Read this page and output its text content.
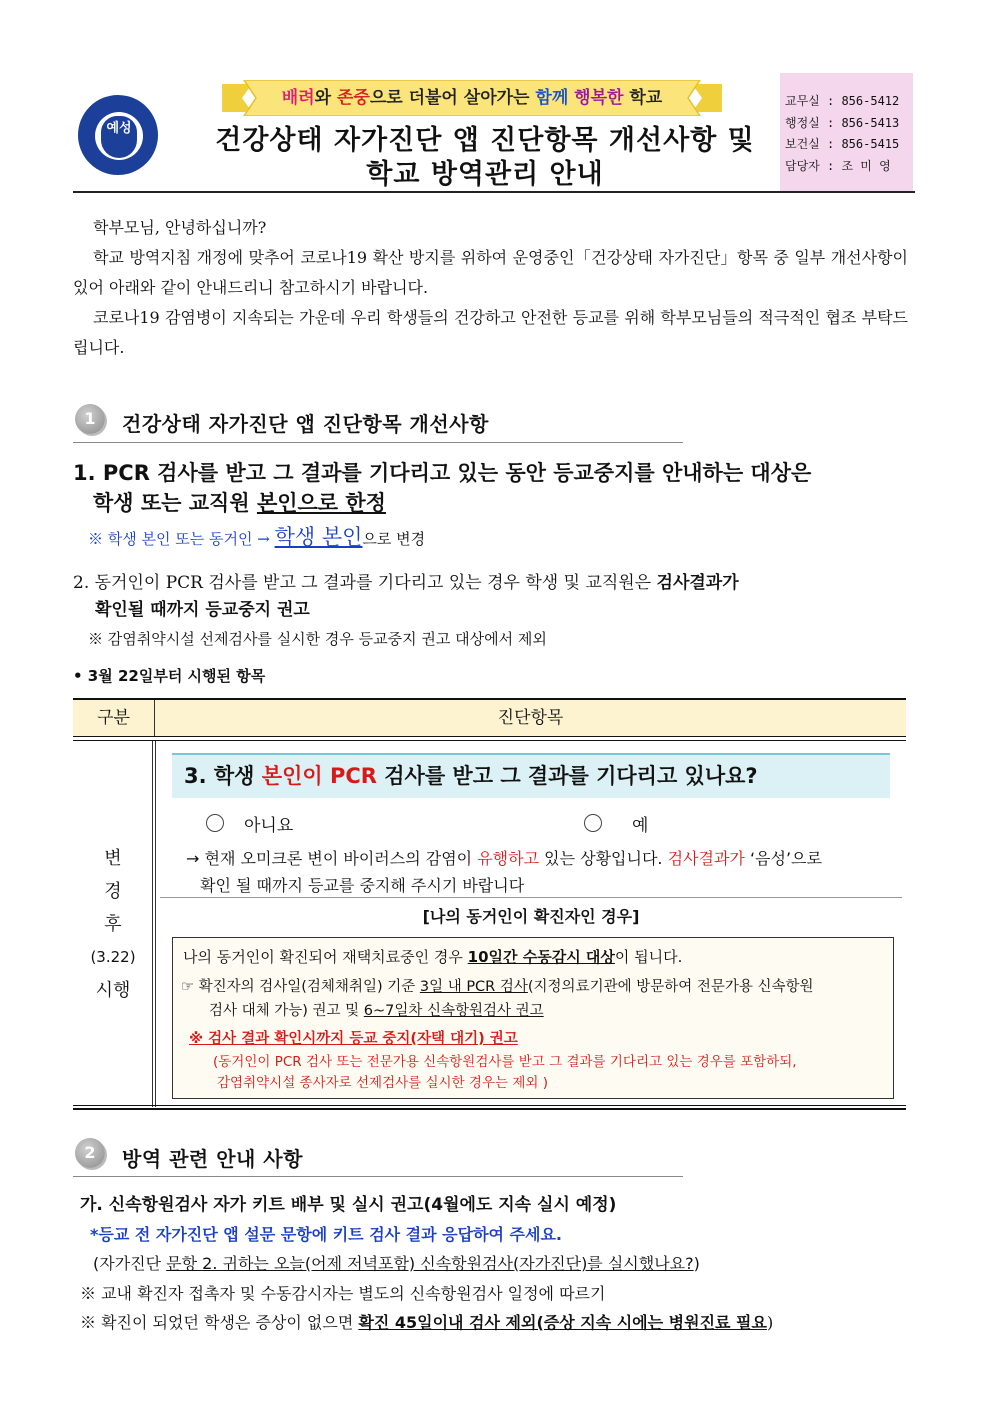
예성
배려와 존중으로 더불어 살아가는 함께 행복한 학교
건강상태 자가진단 앱 진단항목 개선사항 및
학교 방역관리 안내
교무실 : 856-5412
행정실 : 856-5413
보건실 : 856-5415
담당자 : 조 미 영
학부모님, 안녕하십니까?
학교 방역지침 개정에 맞추어 코로나19 확산 방지를 위하여 운영중인「건강상태 자가진단」항목 중 일부 개선사항이 있어 아래와 같이 안내드리니 참고하시기 바랍니다.
코로나19 감염병이 지속되는 가운데 우리 학생들의 건강하고 안전한 등교를 위해 학부모님들의 적극적인 협조 부탁드립니다.
1	건강상태 자가진단 앱 진단항목 개선사항
1. PCR 검사를 받고 그 결과를 기다리고 있는 동안 등교중지를 안내하는 대상은
학생 또는 교직원 본인으로 한정
※ 학생 본인 또는 동거인 → 학생 본인으로 변경
2. 동거인이 PCR 검사를 받고 그 결과를 기다리고 있는 경우 학생 및 교직원은 검사결과가
확인될 때까지 등교중지 권고
※ 감염취약시설 선제검사를 실시한 경우 등교중지 권고 대상에서 제외
• 3월 22일부터 시행된 항목
구분	진단항목
변
경
후
(3.22)
시행
3. 학생 본인이 PCR 검사를 받고 그 결과를 기다리고 있나요?
아니요	예
→ 현재 오미크론 변이 바이러스의 감염이 유행하고 있는 상황입니다. 검사결과가 ‘음성’으로
확인 될 때까지 등교를 중지해 주시기 바랍니다
[나의 동거인이 확진자인 경우]
나의 동거인이 확진되어 재택치료중인 경우 10일간 수동감시 대상이 됩니다.
☞ 확진자의 검사일(검체채취일) 기준 3일 내 PCR 검사(지정의료기관에 방문하여 전문가용 신속항원
검사 대체 가능) 권고 및 6~7일차 신속항원검사 권고
※ 검사 결과 확인시까지 등교 중지(자택 대기) 권고
(동거인이 PCR 검사 또는 전문가용 신속항원검사를 받고 그 결과를 기다리고 있는 경우를 포함하되,
감염취약시설 종사자로 선제검사를 실시한 경우는 제외 )
2	방역 관련 안내 사항
가. 신속항원검사 자가 키트 배부 및 실시 권고(4월에도 지속 실시 예정)
*등교 전 자가진단 앱 설문 문항에 키트 검사 결과 응답하여 주세요.
(자가진단 문항 2. 귀하는 오늘(어제 저녁포함) 신속항원검사(자가진단)를 실시했나요?)
※ 교내 확진자 접촉자 및 수동감시자는 별도의 신속항원검사 일정에 따르기
※ 확진이 되었던 학생은 증상이 없으면 확진 45일이내 검사 제외(증상 지속 시에는 병원진료 필요)
